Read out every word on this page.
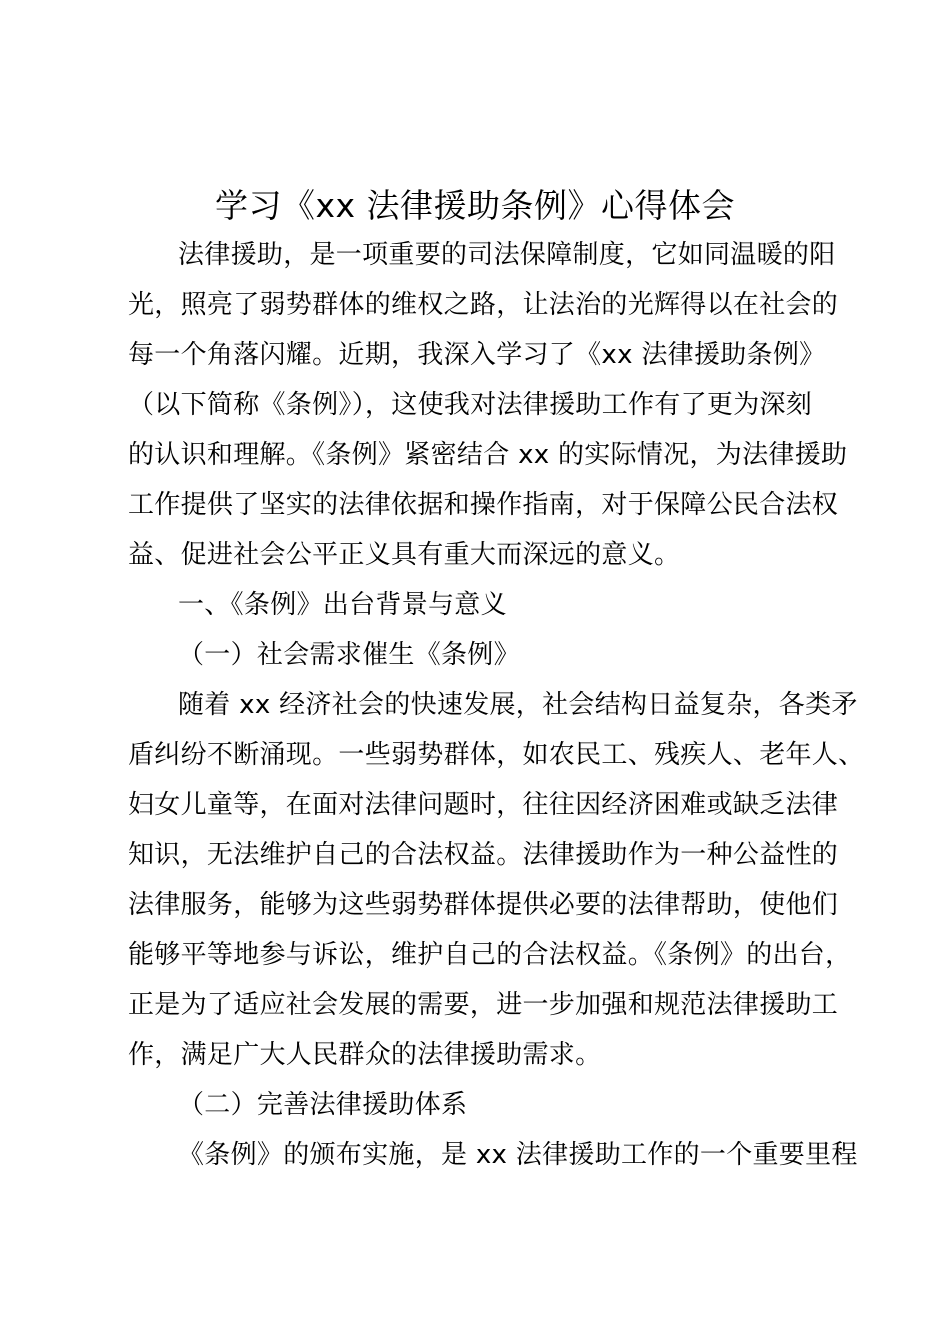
学习《xx 法律援助条例》心得体会
法律援助，是一项重要的司法保障制度，它如同温暖的阳
光，照亮了弱势群体的维权之路，让法治的光辉得以在社会的
每一个角落闪耀。近期，我深入学习了《xx 法律援助条例》
（以下简称《条例》），这使我对法律援助工作有了更为深刻
的认识和理解。《条例》紧密结合 xx 的实际情况，为法律援助
工作提供了坚实的法律依据和操作指南，对于保障公民合法权
益、促进社会公平正义具有重大而深远的意义。
一、《条例》出台背景与意义
（一）社会需求催生《条例》
随着 xx 经济社会的快速发展，社会结构日益复杂，各类矛
盾纠纷不断涌现。一些弱势群体，如农民工、残疾人、老年人、
妇女儿童等，在面对法律问题时，往往因经济困难或缺乏法律
知识，无法维护自己的合法权益。法律援助作为一种公益性的
法律服务，能够为这些弱势群体提供必要的法律帮助，使他们
能够平等地参与诉讼，维护自己的合法权益。《条例》的出台，
正是为了适应社会发展的需要，进一步加强和规范法律援助工
作，满足广大人民群众的法律援助需求。
（二）完善法律援助体系
《条例》的颁布实施，是 xx 法律援助工作的一个重要里程
